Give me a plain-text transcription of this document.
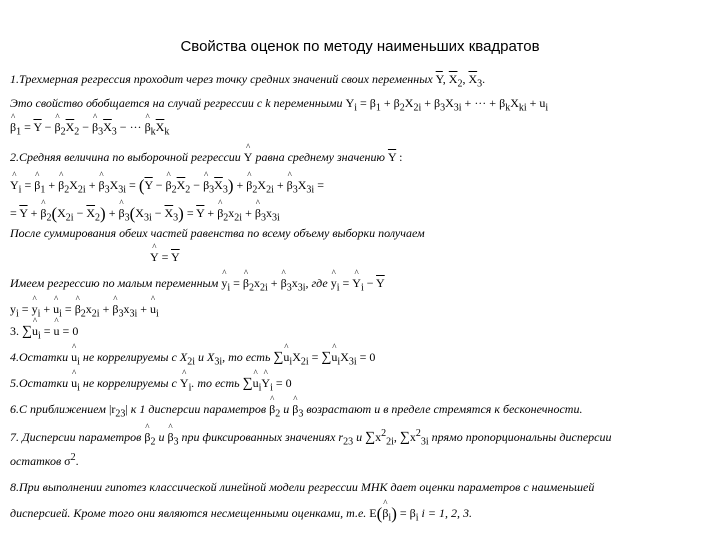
Свойства оценок по методу наименьших квадратов
1.Трехмерная регрессия проходит через точку средних значений своих переменных $\overline{Y}$, $\overline{X}_2$, $\overline{X}_3$.
Это свойство обобщается на случай регрессии с k переменными $Y_i = \beta_1 + \beta_2X_{2i} + \beta_3X_{3i}$ + ··· + $\beta_kX_{ki} + u_i$
^ $\beta_1 = \overline{Y}$ − ^ $\beta_2\overline{X}_2$ − ^ $\beta_3\overline{X}_3$ − ··· ^ $\beta_k\overline{X}_k$
2.Средняя величина по выборочной регрессии ^ $\overline{Y}$ равна среднему значению $\overline{Y}$ :
^ $Y_i$ = ^ $\beta_1$ + ^ $\beta_2X_{2i}$ + ^ $\beta_3X_{3i} = (\overline{Y}$ − ^ $\beta_2\overline{X}_2$ − ^ $\beta_3\overline{X}_3$) + ^ $\beta_2X_{2i}$ + ^ $\beta_3X_{3i}$ =
= $\overline{Y}$ + ^ $\beta_2(X_{2i} - \overline{X}_2)$ + ^ $\beta_3(X_{3i} - \overline{X}_3) = \overline{Y}$ + ^ $\beta_2x_{2i}$ + ^ $\beta_3x_{3i}$
После суммирования обеих частей равенства по всему объему выборки получаем
^ $\overline{Y} = \overline{Y}$
Имеем регрессию по малым переменным ^ $y_i$ = ^ $\beta_2x_{2i}$ + ^ $\beta_3x_{3i}$, где ^ $y_i$ = ^ $Y_i - \overline{Y}$
$y_i$ = ^ $y_i$ + ^ $u_i$ = ^ $\beta_2x_{2i}$ + ^ $\beta_3x_{3i}$ + ^ $u_i$
3. ∑^ $u_i$ = ^ $\overline{u} = 0$
4.Остатки ^ $u_i$ не коррелируемы с $X_{2i}$ и $X_{3i}$, то есть ∑^ $u_iX_{2i}$ = ∑^ $u_iX_{3i} = 0$
5.Остатки ^ $u_i$ не коррелируемы с ^ $Y_i$. то есть ∑^ $u_i\^{}$ $Y_i = 0$
6.С приближением $|r_{23}|$ к 1 дисперсии параметров ^ $\beta_2$ и ^ $\beta_3$ возрастают и в пределе стремятся к бесконечности.
7. Дисперсии параметров ^ $\beta_2$ и ^ $\beta_3$ при фиксированных значениях $r_{23}$ и $\sum x^2_{2i}$, $\sum x^2_{3i}$ прямо пропорциональны дисперсии
остатков $\sigma^2$.
8.При выполнении гипотез классической линейной модели регрессии МНК дает оценки параметров с наименьшей
дисперсией. Кроме того они являются несмещенными оценками, т.е. E(^ $\beta_i) = \beta_i$ i = 1, 2, 3.
